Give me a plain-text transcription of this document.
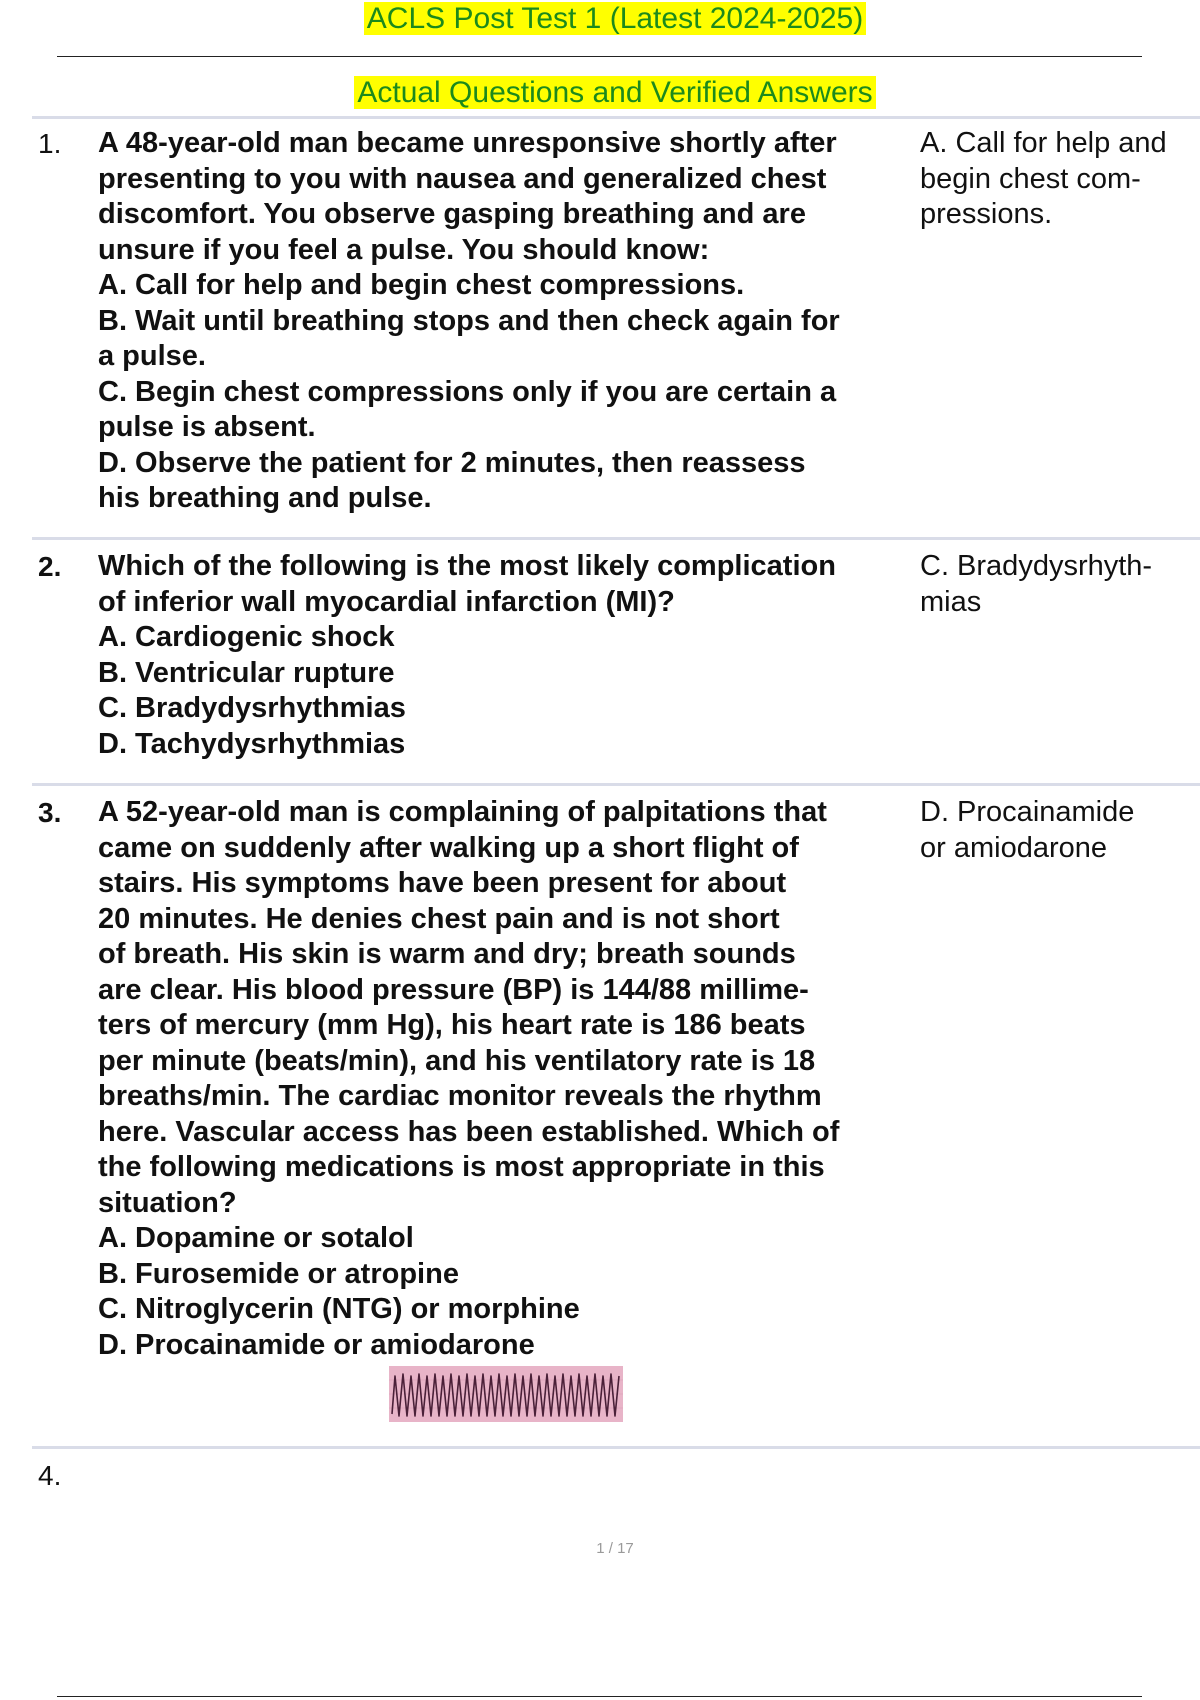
ACLS Post Test 1 (Latest 2024-2025)
Actual Questions and Verified Answers
1. A 48-year-old man became unresponsive shortly after
presenting to you with nausea and generalized chest
discomfort. You observe gasping breathing and are
unsure if you feel a pulse. You should know:
A. Call for help and begin chest compressions.
B. Wait until breathing stops and then check again for
a pulse.
C. Begin chest compressions only if you are certain a
pulse is absent.
D. Observe the patient for 2 minutes, then reassess
his breathing and pulse.
A. Call for help and
begin chest com-
pressions.
2. Which of the following is the most likely complication
of inferior wall myocardial infarction (MI)?
A. Cardiogenic shock
B. Ventricular rupture
C. Bradydysrhythmias
D. Tachydysrhythmias
C. Bradydysrhyth-
mias
3. A 52-year-old man is complaining of palpitations that
came on suddenly after walking up a short flight of
stairs. His symptoms have been present for about
20 minutes. He denies chest pain and is not short
of breath. His skin is warm and dry; breath sounds
are clear. His blood pressure (BP) is 144/88 millime-
ters of mercury (mm Hg), his heart rate is 186 beats
per minute (beats/min), and his ventilatory rate is 18
breaths/min. The cardiac monitor reveals the rhythm
here. Vascular access has been established. Which of
the following medications is most appropriate in this
situation?
A. Dopamine or sotalol
B. Furosemide or atropine
C. Nitroglycerin (NTG) or morphine
D. Procainamide or amiodarone
D. Procainamide
or amiodarone
4.
1 / 17
